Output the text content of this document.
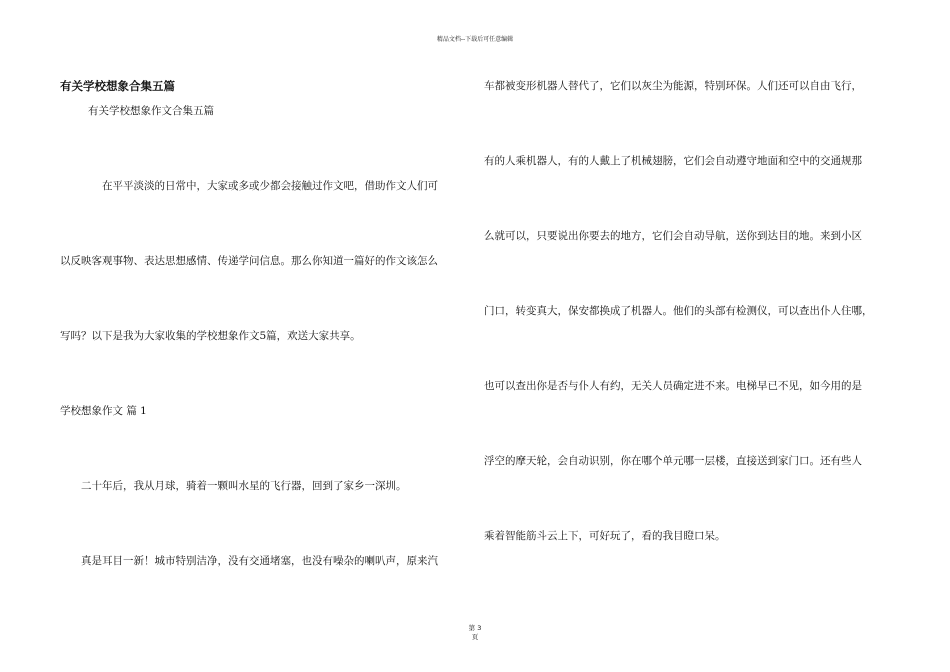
精品文档--下载后可任意编辑
有关学校想象合集五篇
有关学校想象作文合集五篇
在平平淡淡的日常中，大家或多或少都会接触过作文吧，借助作文人们可
以反映客观事物、表达思想感情、传递学问信息。那么你知道一篇好的作文该怎么
写吗？以下是我为大家收集的学校想象作文5篇，欢送大家共享。
学校想象作文 篇 1
二十年后，我从月球，骑着一颗叫水星的飞行器，回到了家乡一深圳。
真是耳目一新！城市特别洁净，没有交通堵塞，也没有噪杂的喇叭声，原来汽
车都被变形机器人替代了，它们以灰尘为能源，特别环保。人们还可以自由飞行，
有的人乘机器人，有的人戴上了机械翅膀，它们会自动遵守地面和空中的交通规那
么就可以，只要说出你要去的地方，它们会自动导航，送你到达目的地。来到小区
门口，转变真大，保安都换成了机器人。他们的头部有检测仪，可以查出仆人住哪，
也可以查出你是否与仆人有约，无关人员确定进不来。电梯早已不见，如今用的是
浮空的摩天轮，会自动识别，你在哪个单元哪一层楼，直接送到家门口。还有些人
乘着智能筋斗云上下，可好玩了，看的我目瞪口呆。
第 3
页
